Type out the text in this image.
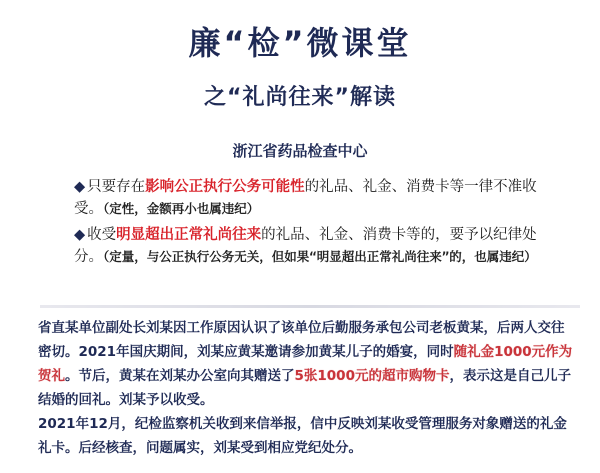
廉“检”微课堂
之“礼尚往来”解读
浙江省药品检查中心
◆ 只要存在影响公正执行公务可能性的礼品、礼金、消费卡等一律不准收受。（定性，金额再小也属违纪）
◆ 收受明显超出正常礼尚往来的礼品、礼金、消费卡等的，要予以纪律处分。（定量，与公正执行公务无关，但如果“明显超出正常礼尚往来”的，也属违纪）

省直某单位副处长刘某因工作原因认识了该单位后勤服务承包公司老板黄某，后两人交往密切。2021年国庆期间，刘某应黄某邀请参加黄某儿子的婚宴，同时随礼金1000元作为贺礼。节后，黄某在刘某办公室向其赠送了5张1000元的超市购物卡，表示这是自己儿子结婚的回礼。刘某予以收受。

2021年12月，纪检监察机关收到来信举报，信中反映刘某收受管理服务对象赠送的礼金礼卡。后经核查，问题属实，刘某受到相应党纪处分。
